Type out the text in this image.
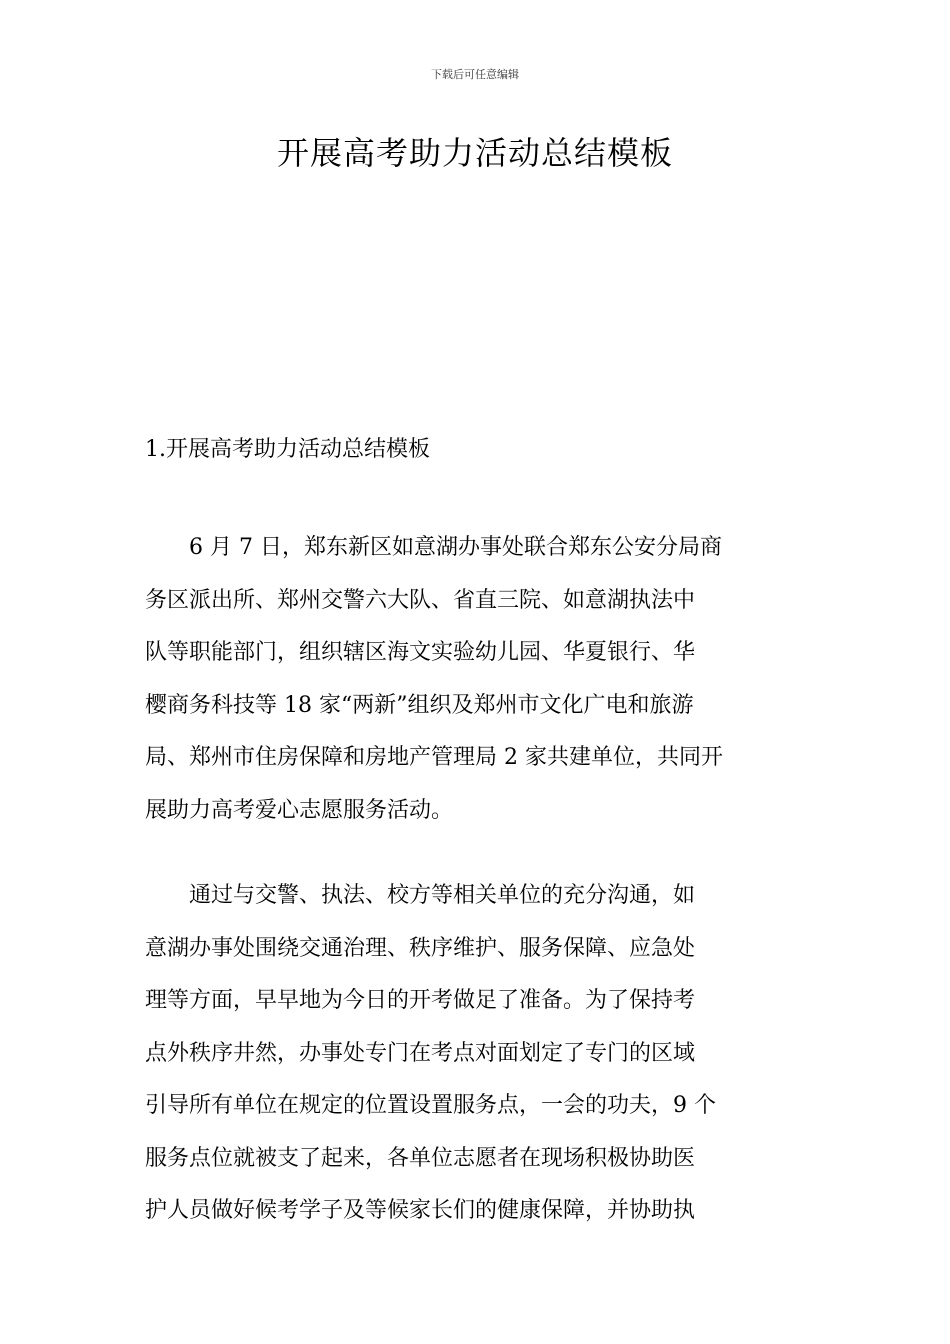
下载后可任意编辑
开展高考助力活动总结模板
1.开展高考助力活动总结模板
6 月 7 日，郑东新区如意湖办事处联合郑东公安分局商
务区派出所、郑州交警六大队、省直三院、如意湖执法中
队等职能部门，组织辖区海文实验幼儿园、华夏银行、华
樱商务科技等 18 家“两新”组织及郑州市文化广电和旅游
局、郑州市住房保障和房地产管理局 2 家共建单位，共同开
展助力高考爱心志愿服务活动。
通过与交警、执法、校方等相关单位的充分沟通，如
意湖办事处围绕交通治理、秩序维护、服务保障、应急处
理等方面，早早地为今日的开考做足了准备。为了保持考
点外秩序井然，办事处专门在考点对面划定了专门的区域
引导所有单位在规定的位置设置服务点，一会的功夫，9 个
服务点位就被支了起来，各单位志愿者在现场积极协助医
护人员做好候考学子及等候家长们的健康保障，并协助执
